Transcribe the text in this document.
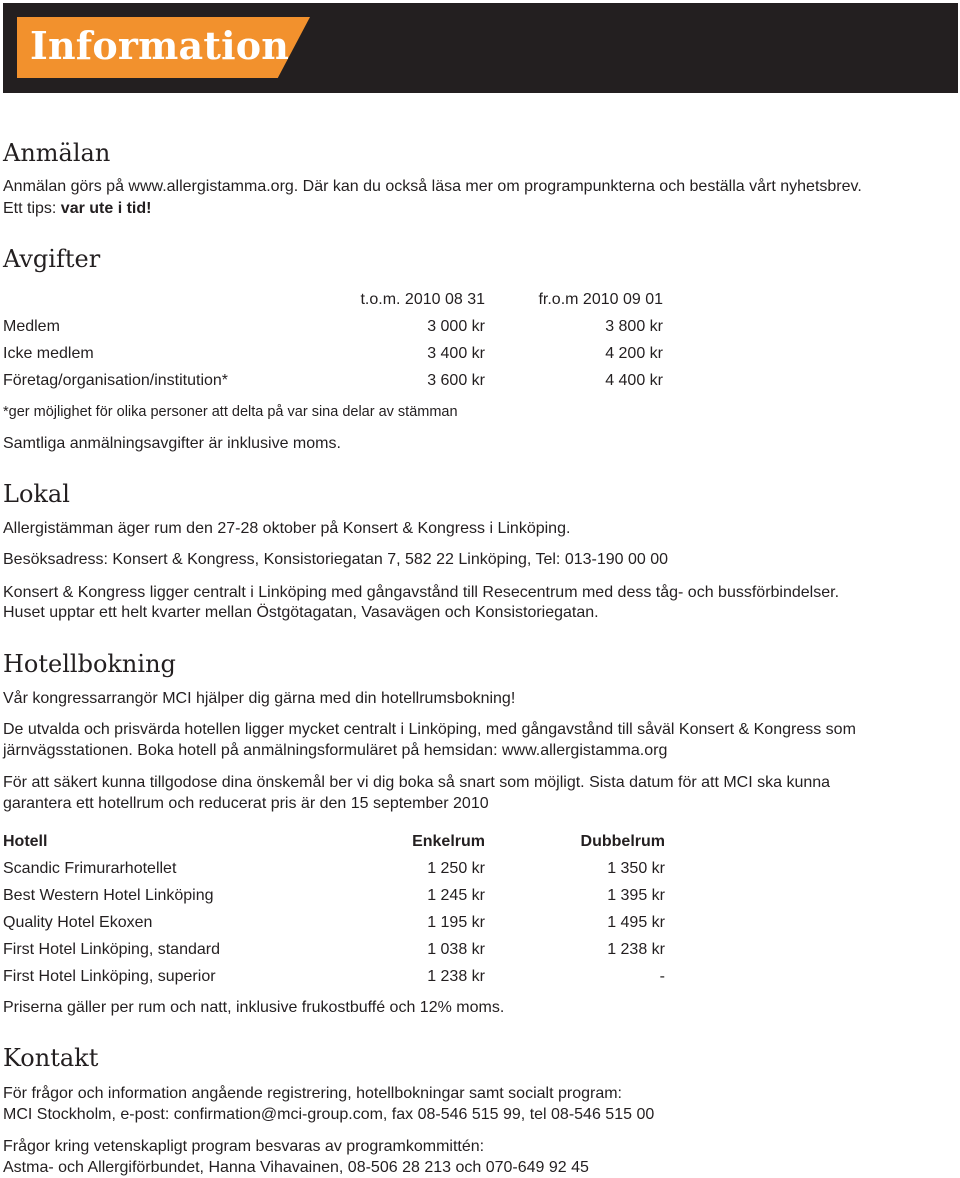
Information
Anmälan

Anmälan görs på www.allergistamma.org. Där kan du också läsa mer om programpunkterna och beställa vårt nyhetsbrev.

Ett tips: var ute i tid!

Avgifter
t.o.m. 2010 08 31	fr.o.m 2010 09 01
Medlem	3 000 kr	3 800 kr
Icke medlem	3 400 kr	4 200 kr
Företag/organisation/institution*	3 600 kr	4 400 kr

*ger möjlighet för olika personer att delta på var sina delar av stämman

Samtliga anmälningsavgifter är inklusive moms.

Lokal

Allergistämman äger rum den 27-28 oktober på Konsert & Kongress i Linköping.

Besöksadress: Konsert & Kongress, Konsistoriegatan 7, 582 22 Linköping, Tel: 013-190 00 00

Konsert & Kongress ligger centralt i Linköping med gångavstånd till Resecentrum med dess tåg- och bussförbindelser.

Huset upptar ett helt kvarter mellan Östgötagatan, Vasavägen och Konsistoriegatan.

Hotellbokning

Vår kongressarrangör MCI hjälper dig gärna med din hotellrumsbokning!

De utvalda och prisvärda hotellen ligger mycket centralt i Linköping, med gångavstånd till såväl Konsert & Kongress som

järnvägsstationen. Boka hotell på anmälningsformuläret på hemsidan: www.allergistamma.org

För att säkert kunna tillgodose dina önskemål ber vi dig boka så snart som möjligt. Sista datum för att MCI ska kunna

garantera ett hotellrum och reducerat pris är den 15 september 2010

Hotell	Enkelrum	Dubbelrum
Scandic Frimurarhotellet	1 250 kr	1 350 kr
Best Western Hotel Linköping	1 245 kr	1 395 kr
Quality Hotel Ekoxen	1 195 kr	1 495 kr
First Hotel Linköping, standard	1 038 kr	1 238 kr
First Hotel Linköping, superior	1 238 kr	-

Priserna gäller per rum och natt, inklusive frukostbuffé och 12% moms.

Kontakt

För frågor och information angående registrering, hotellbokningar samt socialt program:

MCI Stockholm, e-post: confirmation@mci-group.com, fax 08-546 515 99, tel 08-546 515 00

Frågor kring vetenskapligt program besvaras av programkommittén:

Astma- och Allergiförbundet, Hanna Vihavainen, 08-506 28 213 och 070-649 92 45
